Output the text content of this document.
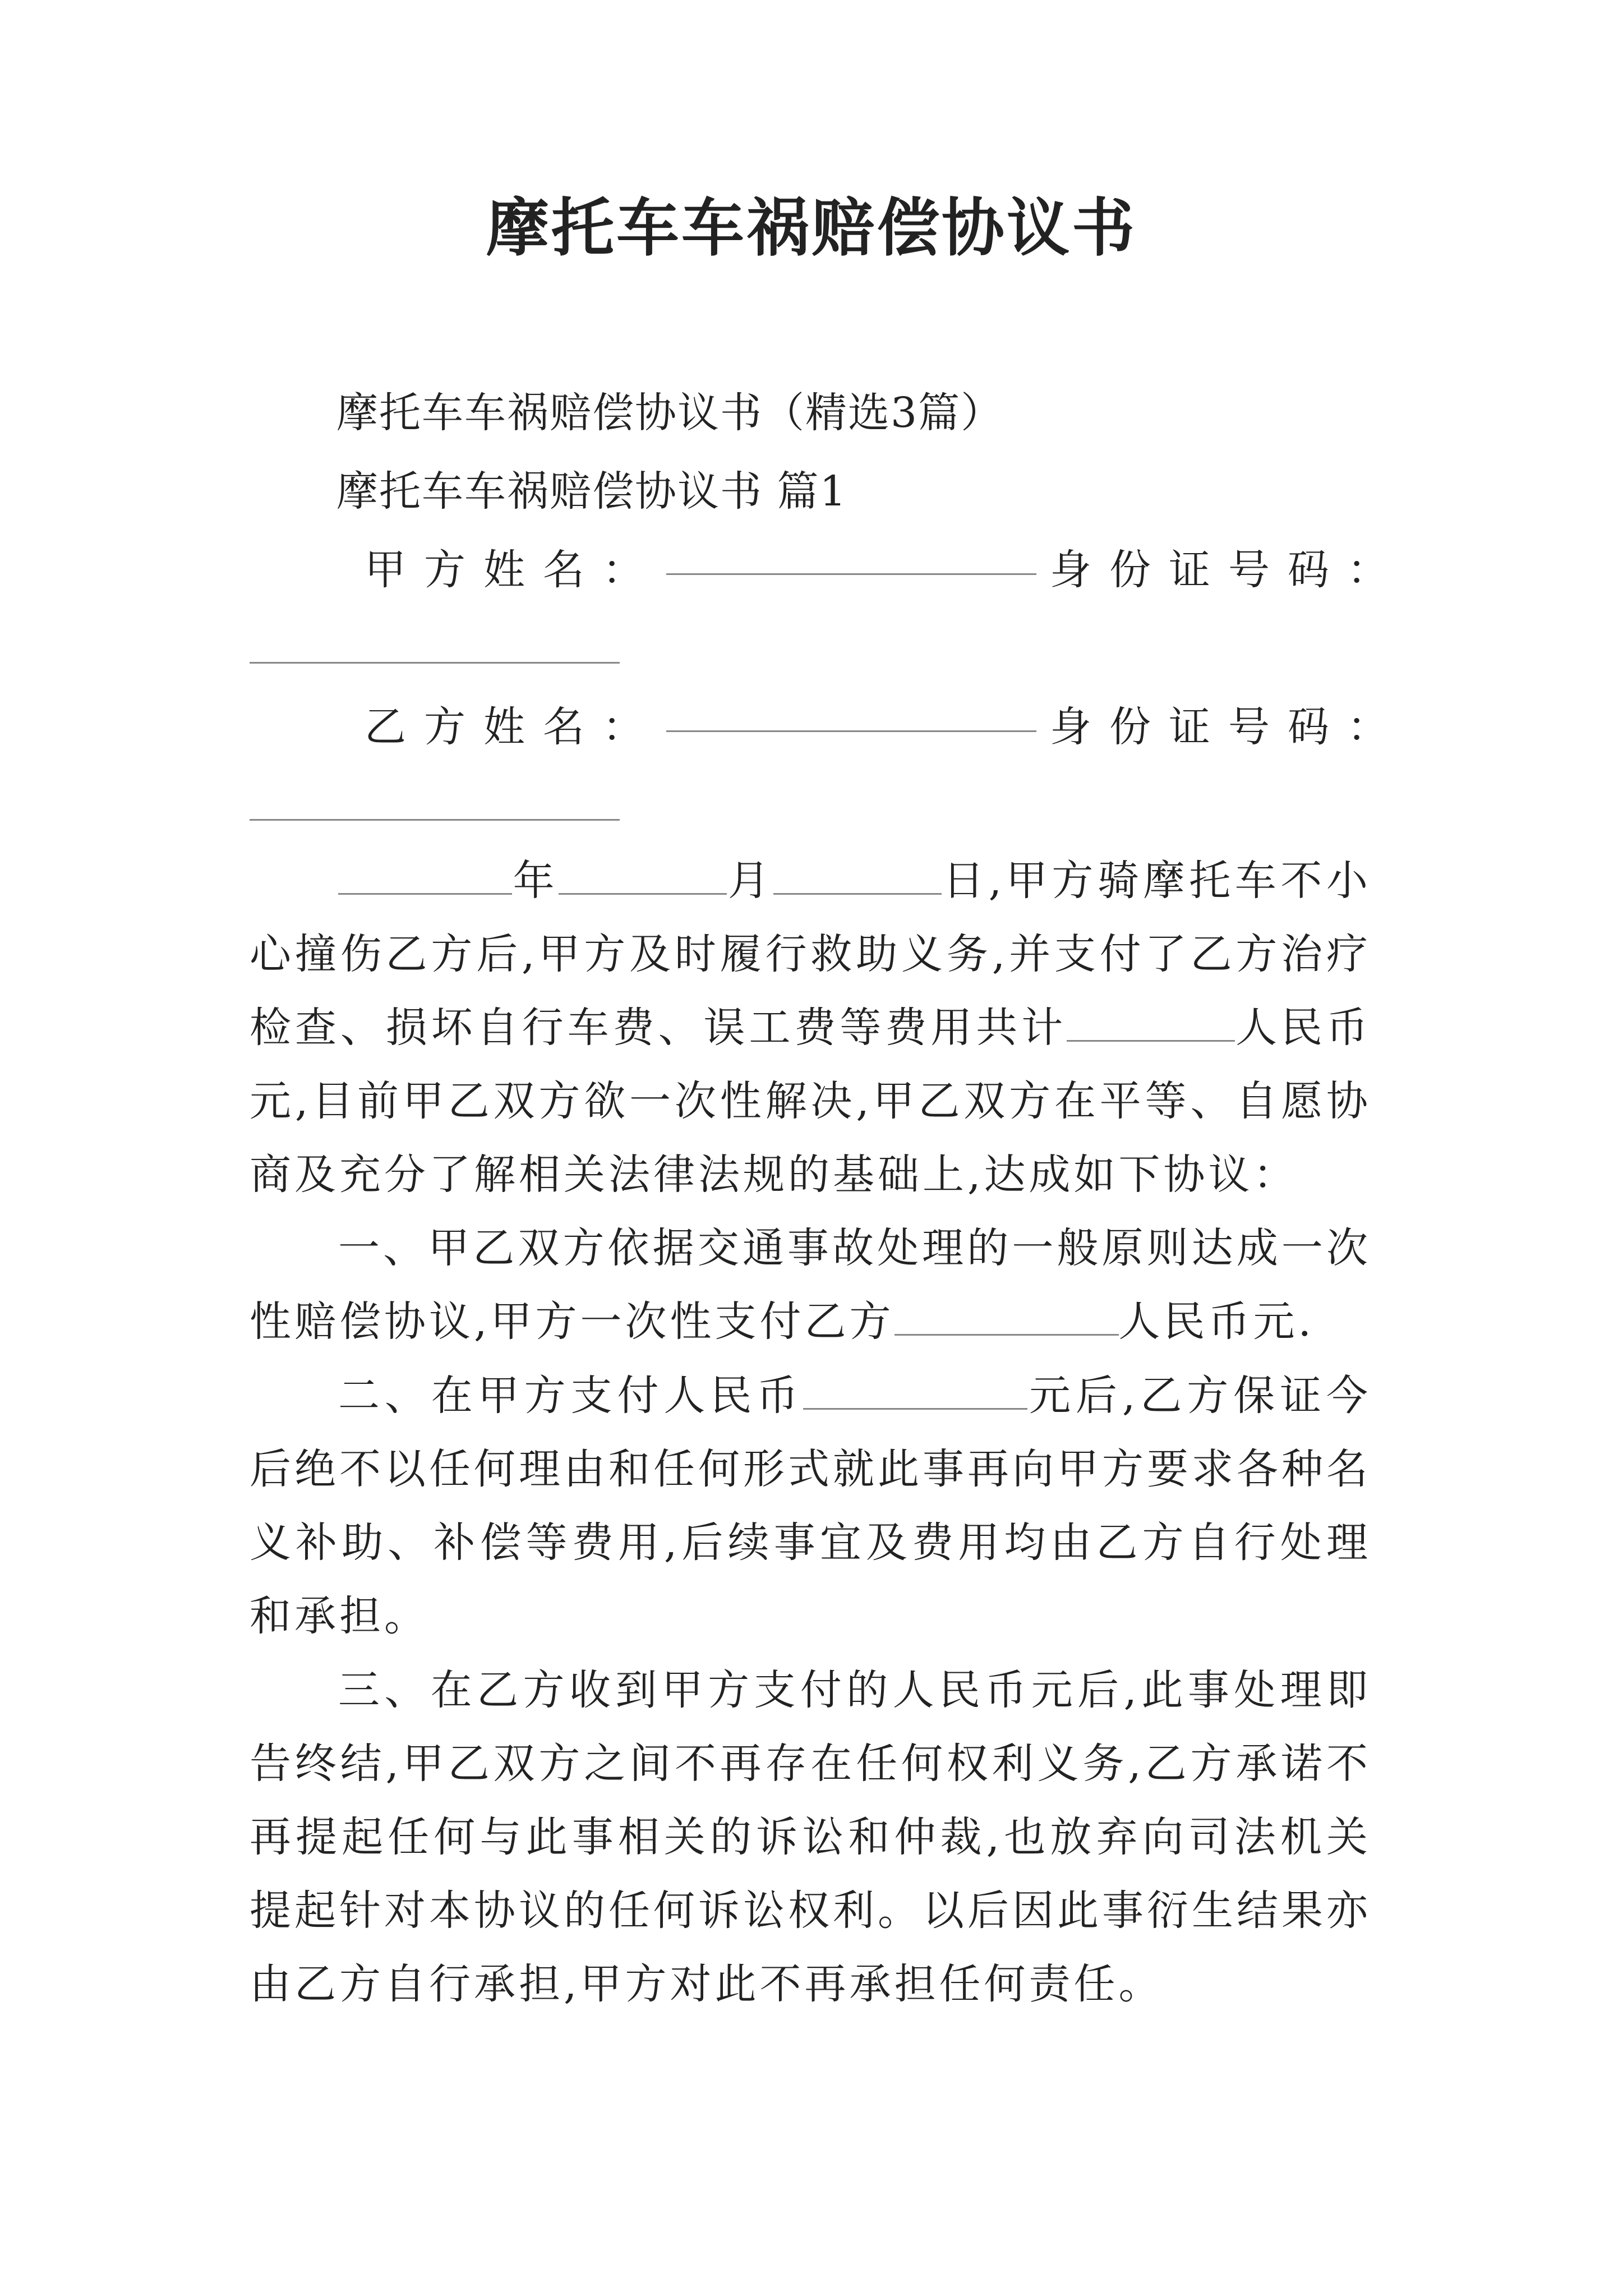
摩托车车祸赔偿协议书
摩托车车祸赔偿协议书（精选3篇）
摩托车车祸赔偿协议书 篇1
甲方姓名：	身份证号码：
乙方姓名：	身份证号码：

年	月	日,甲方骑摩托车不小心撞伤乙方后,甲方及时履行救助义务,并支付了乙方治疗检查、损坏自行车费、误工费等费用共计	人民币元,目前甲乙双方欲一次性解决,甲乙双方在平等、自愿协商及充分了解相关法律法规的基础上,达成如下协议：

一、甲乙双方依据交通事故处理的一般原则达成一次性赔偿协议,甲方一次性支付乙方	人民币元.

二、在甲方支付人民币	元后,乙方保证今后绝不以任何理由和任何形式就此事再向甲方要求各种名义补助、补偿等费用,后续事宜及费用均由乙方自行处理和承担。

三、在乙方收到甲方支付的人民币元后,此事处理即告终结,甲乙双方之间不再存在任何权利义务,乙方承诺不再提起任何与此事相关的诉讼和仲裁,也放弃向司法机关提起针对本协议的任何诉讼权利。以后因此事衍生结果亦由乙方自行承担,甲方对此不再承担任何责任。
